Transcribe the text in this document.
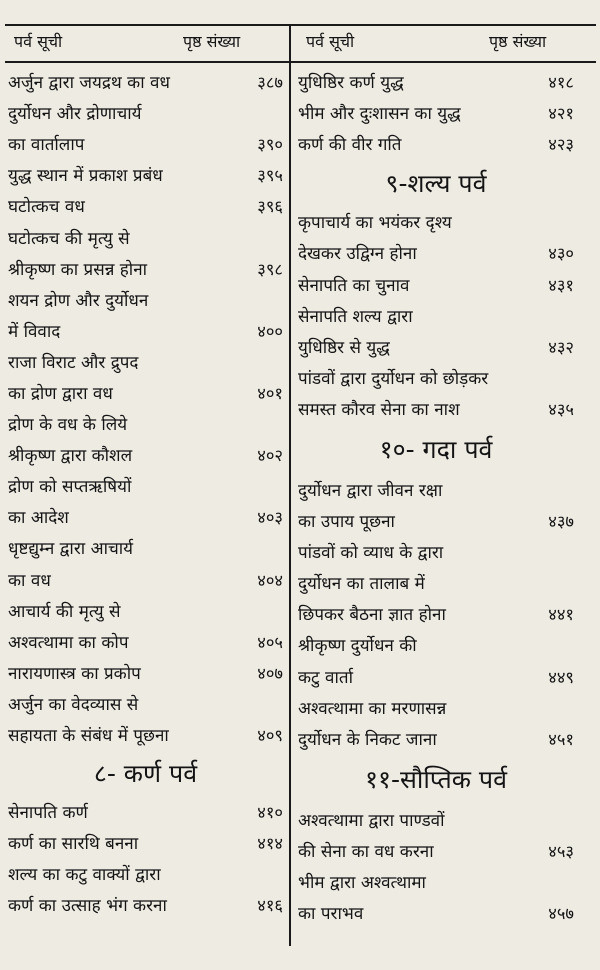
पर्व सूची	पृष्ठ संख्या	पर्व सूची	पृष्ठ संख्या
अर्जुन द्वारा जयद्रथ का वध	३८७
दुर्योधन और द्रोणाचार्य
का वार्तालाप	३९०
युद्ध स्थान में प्रकाश प्रबंध	३९५
घटोत्कच वध	३९६
घटोत्कच की मृत्यु से
श्रीकृष्ण का प्रसन्न होना	३९८
शयन द्रोण और दुर्योधन
में विवाद	४००
राजा विराट और द्रुपद
का द्रोण द्वारा वध	४०१
द्रोण के वध के लिये
श्रीकृष्ण द्वारा कौशल	४०२
द्रोण को सप्तऋषियों
का आदेश	४०३
धृष्टद्युम्न द्वारा आचार्य
का वध	४०४
आचार्य की मृत्यु से
अश्वत्थामा का कोप	४०५
नारायणास्त्र का प्रकोप	४०७
अर्जुन का वेदव्यास से
सहायता के संबंध में पूछना	४०९
८- कर्ण पर्व
सेनापति कर्ण	४१०
कर्ण का सारथि बनना	४१४
शल्य का कटु वाक्यों द्वारा
कर्ण का उत्साह भंग करना	४१६
युधिष्ठिर कर्ण युद्ध	४१८
भीम और दुःशासन का युद्ध	४२१
कर्ण की वीर गति	४२३
९-शल्य पर्व
कृपाचार्य का भयंकर दृश्य
देखकर उद्विग्न होना	४३०
सेनापति का चुनाव	४३१
सेनापति शल्य द्वारा
युधिष्ठिर से युद्ध	४३२
पांडवों द्वारा दुर्योधन को छोड़कर
समस्त कौरव सेना का नाश	४३५
१०- गदा पर्व
दुर्योधन द्वारा जीवन रक्षा
का उपाय पूछना	४३७
पांडवों को व्याध के द्वारा
दुर्योधन का तालाब में
छिपकर बैठना ज्ञात होना	४४१
श्रीकृष्ण दुर्योधन की
कटु वार्ता	४४९
अश्वत्थामा का मरणासन्न
दुर्योधन के निकट जाना	४५१
११-सौप्तिक पर्व
अश्वत्थामा द्वारा पाण्डवों
की सेना का वध करना	४५३
भीम द्वारा अश्वत्थामा
का पराभव	४५७
